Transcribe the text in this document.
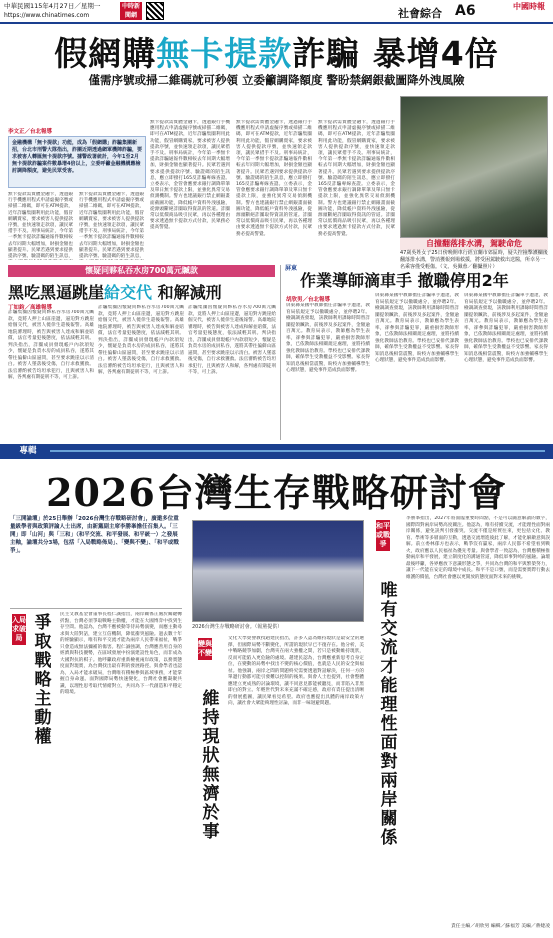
中華民國115年4月27日／星期一
https://www.chinatimes.com
中時新聞網	社會綜合 A6	中國時報
假網購無卡提款詐騙 暴增4倍
僅需序號或掃二維碼就可秒領 立委籲調降額度 警盼禁網銀截圖降外洩風險
李文正／台北報導
金融機構「無卡提款」功能，成為「假網購」詐騙集團新招，台北市刑警大隊指出，詐團近期透過網軍機陣詐騙，要求被害人轉匯無卡提款序號。據警政署統計，今年1至2月無卡提款詐騙案件數暴增4倍以上，立委呼籲金融機構應檢討調降額度，避免民眾受害。
無卡提款需實體金融卡，透過銀行手機應用程式申請虛擬序號或掃描二維碼，即可在ATM提款，近年詐騙集團利用此功能，假冒網購賣家，要求被害人提供提款序號，並快速領走款項，讓民眾措手不及。刑事局統計，今年第一季無卡提款詐騙通報件數相較去年同期大幅增加，財損金額也顯著提升。民眾若遇到要求提供提款序號、驗證碼的陌生訊息，
無卡提款需實體金融卡，透過銀行手機應用程式申請虛擬序號或掃描二維碼，即可在ATM提款，近年詐騙集團利用此功能，假冒網購賣家，要求被害人提供提款序號，並快速領走款項，讓民眾措手不及。刑事局統計，今年第一季無卡提款詐騙通報件數相較去年同期大幅增加，財損金額也顯著提升。民眾若遇到要求提供提款序號、驗證碼的陌生訊息，
無卡提款需實體金融卡，透過銀行手機應用程式申請虛擬序號或掃描二維碼，即可在ATM提款，近年詐騙集團利用此功能，假冒網購賣家，要求被害人提供提款序號，並快速領走款項，讓民眾措手不及。刑事局統計，今年第一季無卡提款詐騙通報件數相較去年同期大幅增加，財損金額也顯著提升。民眾若遇到要求提供提款序號、驗證碼的陌生訊息，應立即撥打165反詐騙專線查證。立委表示，金管會應要求銀行調降單筆及單日無卡提款上限，並強化異常交易偵測機制。警方也建議銀行禁止網銀畫面截圖功能，降低帳戶資料外洩風險，從源頭斷絕詐團取得資訊的管道。詐團常以低價商品吸引民眾，再以各種理由要求透過無卡提款方式付款，民眾務必提高警覺。
無卡提款需實體金融卡，透過銀行手機應用程式申請虛擬序號或掃描二維碼，即可在ATM提款，近年詐騙集團利用此功能，假冒網購賣家，要求被害人提供提款序號，並快速領走款項，讓民眾措手不及。刑事局統計，今年第一季無卡提款詐騙通報件數相較去年同期大幅增加，財損金額也顯著提升。民眾若遇到要求提供提款序號、驗證碼的陌生訊息，應立即撥打165反詐騙專線查證。立委表示，金管會應要求銀行調降單筆及單日無卡提款上限，並強化異常交易偵測機制。警方也建議銀行禁止網銀畫面截圖功能，降低帳戶資料外洩風險，從源頭斷絕詐團取得資訊的管道。詐團常以低價商品吸引民眾，再以各種理由要求透過無卡提款方式付款，民眾務必提高警覺。
無卡提款需實體金融卡，透過銀行手機應用程式申請虛擬序號或掃描二維碼，即可在ATM提款，近年詐騙集團利用此功能，假冒網購賣家，要求被害人提供提款序號，並快速領走款項，讓民眾措手不及。刑事局統計，今年第一季無卡提款詐騙通報件數相較去年同期大幅增加，財損金額也顯著提升。民眾若遇到要求提供提款序號、驗證碼的陌生訊息，應立即撥打165反詐騙專線查證。立委表示，金管會應要求銀行調降單筆及單日無卡提款上限，並強化異常交易偵測機制。警方也建議銀行禁止網銀畫面截圖功能，降低帳戶資料外洩風險，從源頭斷絕詐團取得資訊的管道。詐團常以低價商品吸引民眾，再以各種理由要求透過無卡提款方式付款，民眾務必提高警覺。
自撞翻落排水溝，駕駛命危
47歲吳姓女子25日傍晚開車行經宜蘭市郊區時，疑失控撞擊護欄後翻落排水溝，警消獲報到場救援，將受困駕駛救出送醫，所幸另一名乘客僅受輕傷。（文、吳佩蓉／翻攝照片）
懷疑同夥私吞水房700萬元贓款
黑吃黑逼跳崖給交代 和解減刑
丁如鈞／高雄報導
詐騙集團因懷疑同夥私吞水房700萬元贓款，竟將人押上山區崖邊，逼迫對方跳崖給個交代，被害人僥倖生還後報警。高雄地院審理時，被告與被害人達成和解並賠償，法官考量犯後態度，依法減輕其刑。判決指出，詐團成員發現帳戶內款項短少，懷疑是負責水房的成員私吞，遂將其帶往偏僻山區逼問，甚至要求跳崖以示清白。被害人墜落後受傷，自行求救獲救。法官審酌被告均坦承犯行，且與被害人和解，各判處有期徒刑不等，可上訴。
詐騙集團因懷疑同夥私吞水房700萬元贓款，竟將人押上山區崖邊，逼迫對方跳崖給個交代，被害人僥倖生還後報警。高雄地院審理時，被告與被害人達成和解並賠償，法官考量犯後態度，依法減輕其刑。判決指出，詐團成員發現帳戶內款項短少，懷疑是負責水房的成員私吞，遂將其帶往偏僻山區逼問，甚至要求跳崖以示清白。被害人墜落後受傷，自行求救獲救。法官審酌被告均坦承犯行，且與被害人和解，各判處有期徒刑不等，可上訴。
詐騙集團因懷疑同夥私吞水房700萬元贓款，竟將人押上山區崖邊，逼迫對方跳崖給個交代，被害人僥倖生還後報警。高雄地院審理時，被告與被害人達成和解並賠償，法官考量犯後態度，依法減輕其刑。判決指出，詐團成員發現帳戶內款項短少，懷疑是負責水房的成員私吞，遂將其帶往偏僻山區逼問，甚至要求跳崖以示清白。被害人墜落後受傷，自行求救獲救。法官審酌被告均坦承犯行，且與被害人和解，各判處有期徒刑不等，可上訴。
屏東
作業導師滴車手 撤職停用2年
胡欣男／台北報導
屏東縣某國中教師擔任詐騙車手遭逮，教育局依規定予以撤職處分，並停聘2年。檢調調查發現，該教師利用課餘時間替詐團提領贓款，前後涉及多起案件，金額逾百萬元。教育局表示，教師應為學生表率，卻參與詐騙犯罪，嚴重損害教師形象，已依教師法相關規定處理，並將持續強化教師法治教育。學校也已安排代課教師，確保學生受教權益不受影響。家長得知消息後相當震驚，盼校方加強輔導學生心理狀態，避免事件造成負面影響。
屏東縣某國中教師擔任詐騙車手遭逮，教育局依規定予以撤職處分，並停聘2年。檢調調查發現，該教師利用課餘時間替詐團提領贓款，前後涉及多起案件，金額逾百萬元。教育局表示，教師應為學生表率，卻參與詐騙犯罪，嚴重損害教師形象，已依教師法相關規定處理，並將持續強化教師法治教育。學校也已安排代課教師，確保學生受教權益不受影響。家長得知消息後相當震驚，盼校方加強輔導學生心理狀態，避免事件造成負面影響。
屏東縣某國中教師擔任詐騙車手遭逮，教育局依規定予以撤職處分，並停聘2年。檢調調查發現，該教師利用課餘時間替詐團提領贓款，前後涉及多起案件，金額逾百萬元。教育局表示，教師應為學生表率，卻參與詐騙犯罪，嚴重損害教師形象，已依教師法相關規定處理，並將持續強化教師法治教育。學校也已安排代課教師，確保學生受教權益不受影響。家長得知消息後相當震驚，盼校方加強輔導學生心理狀態，避免事件造成負面影響。
專輯
2026台灣生存戰略研討會
「三開論壇」於25日舉辦「2026台灣生存戰略研討會」，廣邀多位重量級學者與政策評論人士出席，由新黨副主席李勝峯擔任召集人。「三開」即「山河」與「三和」（和平交流、和平發展、和平統一）之發展主軸，論壇共分3場，包括「入局戰略佈局」、「變與不變」、「和平或戰爭」。
2026台灣生存戰略研討會。（報黨提供）
入局求破局
爭取戰略主動權
民主文教基金會董事長程仁誠指出，兩岸關係正處於關鍵轉折點，台灣必須爭取戰略主動權，才能在大國博弈中找到生存空間。他認為，台灣不應被動等待局勢演變，而應主動尋求與大陸對話，建立互信機制，降低衝突風險。過去數十年的經驗顯示，唯有和平交流才能為兩岸人民帶來福祉，戰爭只會造成無法彌補的傷害。程仁誠強調，台灣應善用自身的經濟與科技優勢，在區域發展中扮演建設性角色，而非成為大國對抗的棋子。他呼籲政府重新檢視兩岸政策，以務實態度面對現實，為台灣找出最有利的發展路徑。與會學者也認為，入局才能求破局，台灣唯有積極參與區域事務，才能掌握自身命運。面對國際局勢快速變化，台灣社會應凝聚共識，以理性思考取代情緒對立，共同為下一代創造和平穩定的環境。
變與不變
維持現狀無濟於事
文化大學榮譽教授趙建民指出，許多人認為維持現狀是最安全的選擇，但國際局勢不斷變化，所謂的現狀早已不復存在。他分析，美中戰略競爭加劇，台灣夾在兩大強權之間，若只是被動維持現狀，反而可能陷入更危險的處境。趙建民認為，台灣應重新思考自身定位，在變動的局勢中找出不變的核心價值，也就是人民的安全與福祉。他強調，兩岸之間的問題終究需要透過對話解決，任何一方的單邊行動都可能引發難以控制的後果。與會人士也提到，社會整體應建立更成熟的討論環境，讓不同意見都能被聽見，而非陷入非黑即白的對立。年輕世代對未來充滿不確定感，政府有責任提出清晰的發展藍圖，讓民眾看見希望。政府也應提出具體的兩岸政策方向，讓社會大眾能夠理性討論，而非一味迴避問題。
和平或戰爭
唯有交流 才能理性面對兩岸關係
李勝峯指出，2027年將面臨重要時間點，不是可以隨意解讀的數字，國際間對兩岸局勢高度關注。他認為，唯有持續交流，才能理性面對兩岸關係，避免誤判引發衝突。交流不僅是經貿往來，更包括文化、教育、學術等多層面的互動，透過交流增進彼此了解，才能化解敵意與誤解。前立委林郁方也表示，戰爭沒有贏家，兩岸人民都不希望看到戰火，政府應以人民福祉為優先考量。與會學者一致認為，台灣應積極推動兩岸和平發展，建立制度化的溝通管道，降低軍事對峙的風險。論壇最後呼籲，各界應放下意識形態之爭，共同為台灣的和平與繁榮努力，讓下一代能在安定的環境中成長。和平不是口號，而是需要實際行動去維護的價值，台灣社會應以更開放的態度面對未來的挑戰。
責任主編／胡欣男 編輯／蘇福芳 美編／蔣婕凌
